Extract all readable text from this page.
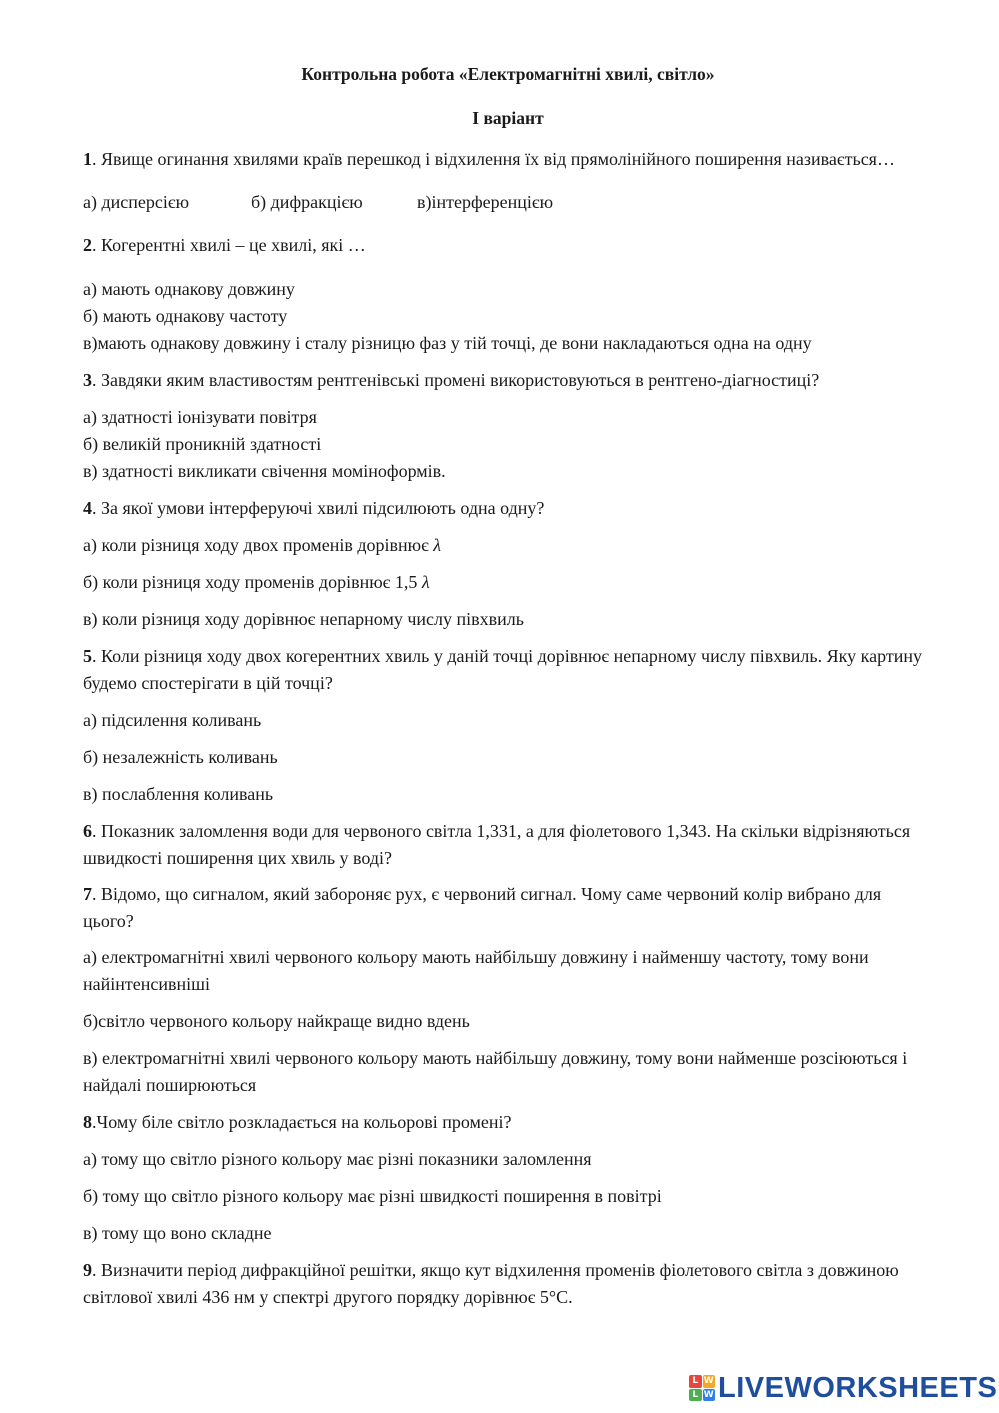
Контрольна робота «Електромагнітні хвилі, світло»

І варіант

1. Явище огинання хвилями країв перешкод і відхилення їх від прямолінійного поширення називається…

а) дисперсією	б) дифракцією	в)інтерференцією

2. Когерентні хвилі – це хвилі, які …

а) мають однакову довжину

б) мають однакову частоту

в)мають однакову довжину і сталу різницю фаз у тій точці, де вони накладаються одна на одну

3. Завдяки яким властивостям рентгенівські промені використовуються в рентгено-діагностиці?

а) здатності іонізувати повітря

б) великій проникній здатності

в) здатності викликати свічення моміноформів.

4. За якої умови інтерферуючі хвилі підсилюють одна одну?

а) коли різниця ходу двох променів дорівнює λ

б) коли різниця ходу променів дорівнює 1,5 λ

в) коли різниця ходу дорівнює непарному числу півхвиль

5. Коли різниця ходу двох когерентних хвиль у даній точці дорівнює непарному числу півхвиль. Яку картину будемо спостерігати в цій точці?

а) підсилення коливань

б) незалежність коливань

в) послаблення коливань

6. Показник заломлення води для червоного світла 1,331, а для фіолетового 1,343. На скільки відрізняються швидкості поширення цих хвиль у воді?

7. Відомо, що сигналом, який забороняє рух, є червоний сигнал. Чому саме червоний колір вибрано для цього?

а) електромагнітні хвилі червоного кольору мають найбільшу довжину і найменшу частоту, тому вони найінтенсивніші

б)світло червоного кольору найкраще видно вдень

в) електромагнітні хвилі червоного кольору мають найбільшу довжину, тому вони найменше розсіюються і найдалі поширюються

8.Чому біле світло розкладається на кольорові промені?

а) тому що світло різного кольору має різні показники заломлення

б) тому що світло різного кольору має різні швидкості поширення в повітрі

в) тому що воно складне

9. Визначити період дифракційної решітки, якщо кут відхилення променів фіолетового світла з довжиною світлової хвилі 436 нм у спектрі другого порядку дорівнює 5°С.

L W
L W LIVEWORKSHEETS
